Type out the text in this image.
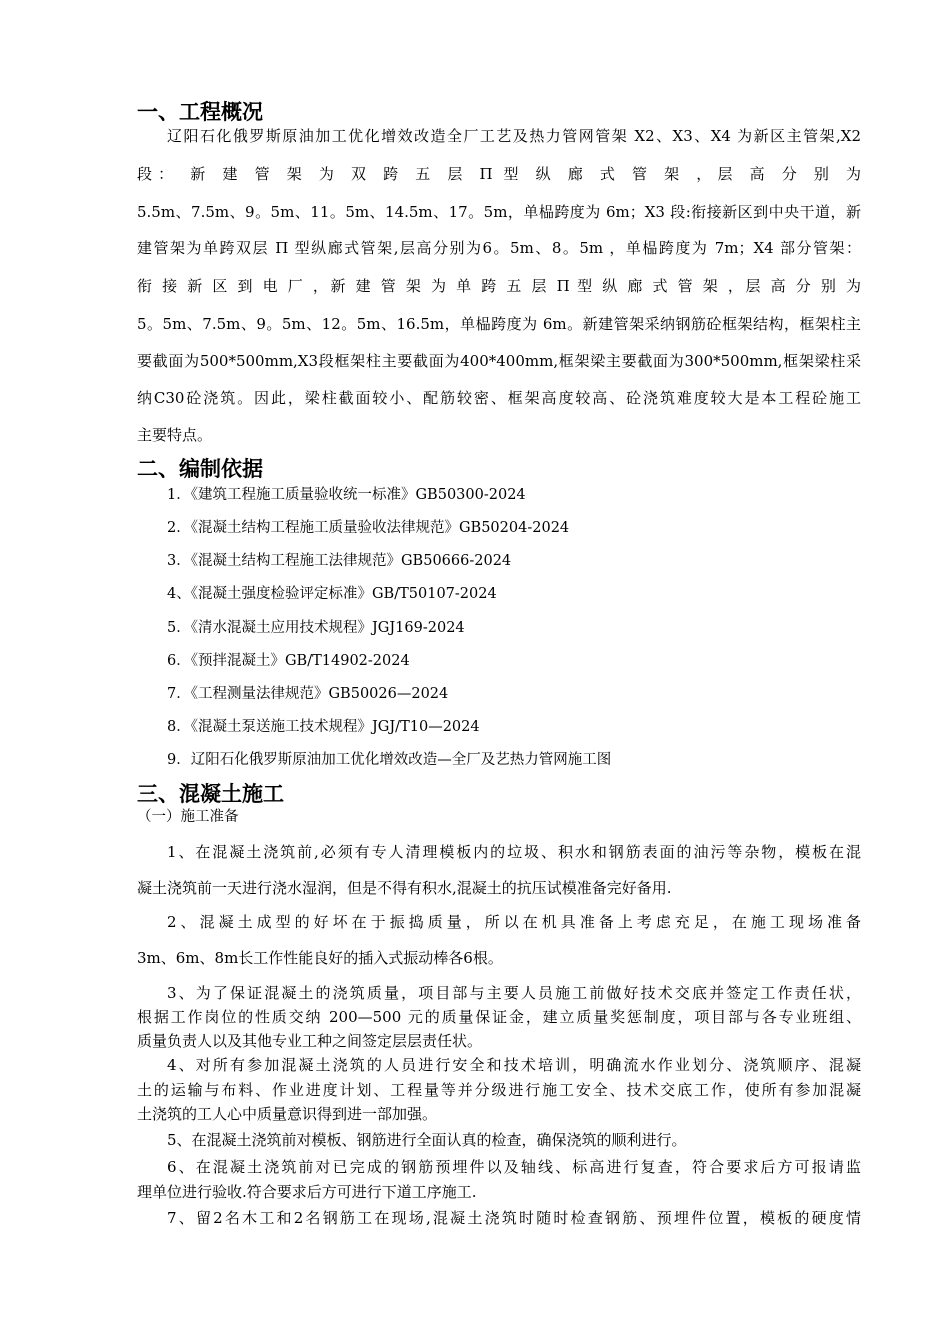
一、工程概况
辽阳石化俄罗斯原油加工优化增效改造全厂工艺及热力管网管架 X2、X3、X4 为新区主管架,X2
段： 新 建 管 架 为 双 跨 五 层 Π 型 纵 廊 式 管 架 ，层 高 分 别 为
5.5m、7.5m、9。5m、11。5m、14.5m、17。5m，单榀跨度为 6m；X3 段:衔接新区到中央干道，新
建管架为单跨双层 Π 型纵廊式管架,层高分别为6。5m、8。5m ，单榀跨度为 7m；X4 部分管架：
衔 接 新 区 到 电 厂 ，新 建 管 架 为 单 跨 五 层 Π 型 纵 廊 式 管 架 ，层 高 分 别 为
5。5m、7.5m、9。5m、12。5m、16.5m，单榀跨度为 6m。新建管架采纳钢筋砼框架结构，框架柱主
要截面为500*500mm,X3段框架柱主要截面为400*400mm,框架梁主要截面为300*500mm,框架梁柱采
纳C30砼浇筑。因此，梁柱截面较小、配筋较密、框架高度较高、砼浇筑难度较大是本工程砼施工
主要特点。
二、编制依据
1．《建筑工程施工质量验收统一标准》GB50300-2024
2．《混凝土结构工程施工质量验收法律规范》GB50204-2024
3．《混凝土结构工程施工法律规范》GB50666-2024
4、《混凝土强度检验评定标准》GB/T50107-2024
5．《清水混凝土应用技术规程》JGJ169-2024
6．《预拌混凝土》GB/T14902-2024
7．《工程测量法律规范》GB50026—2024
8．《混凝土泵送施工技术规程》JGJ/T10—2024
9．辽阳石化俄罗斯原油加工优化增效改造—全厂及艺热力管网施工图
三、混凝土施工
（一）施工准备
1、在混凝土浇筑前,必须有专人清理模板内的垃圾、积水和钢筋表面的油污等杂物，模板在混
凝土浇筑前一天进行浇水湿润，但是不得有积水,混凝土的抗压试模准备完好备用.
2、混凝土成型的好坏在于振捣质量，所以在机具准备上考虑充足，在施工现场准备
3m、6m、8m长工作性能良好的插入式振动棒各6根。
3、为了保证混凝土的浇筑质量，项目部与主要人员施工前做好技术交底并签定工作责任状，
根据工作岗位的性质交纳 200—500 元的质量保证金，建立质量奖惩制度，项目部与各专业班组、
质量负责人以及其他专业工种之间签定层层责任状。
4、对所有参加混凝土浇筑的人员进行安全和技术培训，明确流水作业划分、浇筑顺序、混凝
土的运输与布料、作业进度计划、工程量等并分级进行施工安全、技术交底工作，使所有参加混凝
土浇筑的工人心中质量意识得到进一部加强。
5、在混凝土浇筑前对模板、钢筋进行全面认真的检查，确保浇筑的顺利进行。
6、在混凝土浇筑前对已完成的钢筋预埋件以及轴线、标高进行复查，符合要求后方可报请监
理单位进行验收.符合要求后方可进行下道工序施工.
7、留2名木工和2名钢筋工在现场,混凝土浇筑时随时检查钢筋、预埋件位置，模板的硬度情
